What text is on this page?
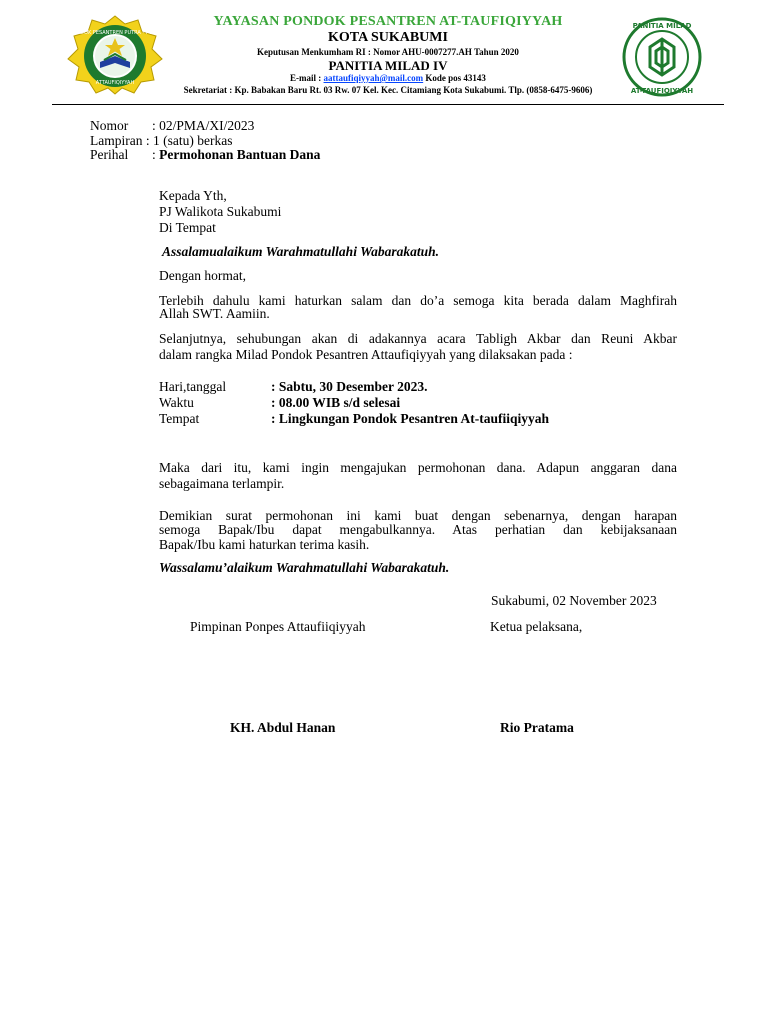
PONDOK PESANTREN PUTRA - PUTRI
ATTAUFIQIYYAH
PANITIA MILAD
AT-TAUFIQIYYAH
YAYASAN PONDOK PESANTREN AT-TAUFIQIYYAH
KOTA SUKABUMI
Keputusan Menkumham RI : Nomor AHU-0007277.AH Tahun 2020
PANITIA MILAD IV
E-mail : aattaufiqiyyah@mail.com Kode pos 43143
Sekretariat : Kp. Babakan Baru Rt. 03 Rw. 07 Kel. Kec. Citamiang Kota Sukabumi. Tlp. (0858-6475-9606)
Nomor : 02/PMA/XI/2023
Lampiran : 1 (satu) berkas
Perihal : Permohonan Bantuan Dana
Kepada Yth,
PJ Walikota Sukabumi
Di Tempat
Assalamualaikum Warahmatullahi Wabarakatuh.
Dengan hormat,
Terlebih dahulu kami haturkan salam dan do’a semoga kita berada dalam Maghfirah
Allah SWT. Aamiin.
Selanjutnya, sehubungan akan di adakannya acara Tabligh Akbar dan Reuni Akbar
dalam rangka Milad Pondok Pesantren Attaufiqiyyah yang dilaksakan pada :
Hari,tanggal	: Sabtu, 30 Desember 2023.
Waktu	: 08.00 WIB s/d selesai
Tempat	: Lingkungan Pondok Pesantren At-taufiiqiyyah
Maka dari itu, kami ingin mengajukan permohonan dana. Adapun anggaran dana
sebagaimana terlampir.
Demikian surat permohonan ini kami buat dengan sebenarnya, dengan harapan
semoga Bapak/Ibu dapat mengabulkannya. Atas perhatian dan kebijaksanaan
Bapak/Ibu kami haturkan terima kasih.
Wassalamu’alaikum Warahmatullahi Wabarakatuh.
Sukabumi, 02 November 2023
Pimpinan Ponpes Attaufiiqiyyah	Ketua pelaksana,
KH. Abdul Hanan	Rio Pratama
